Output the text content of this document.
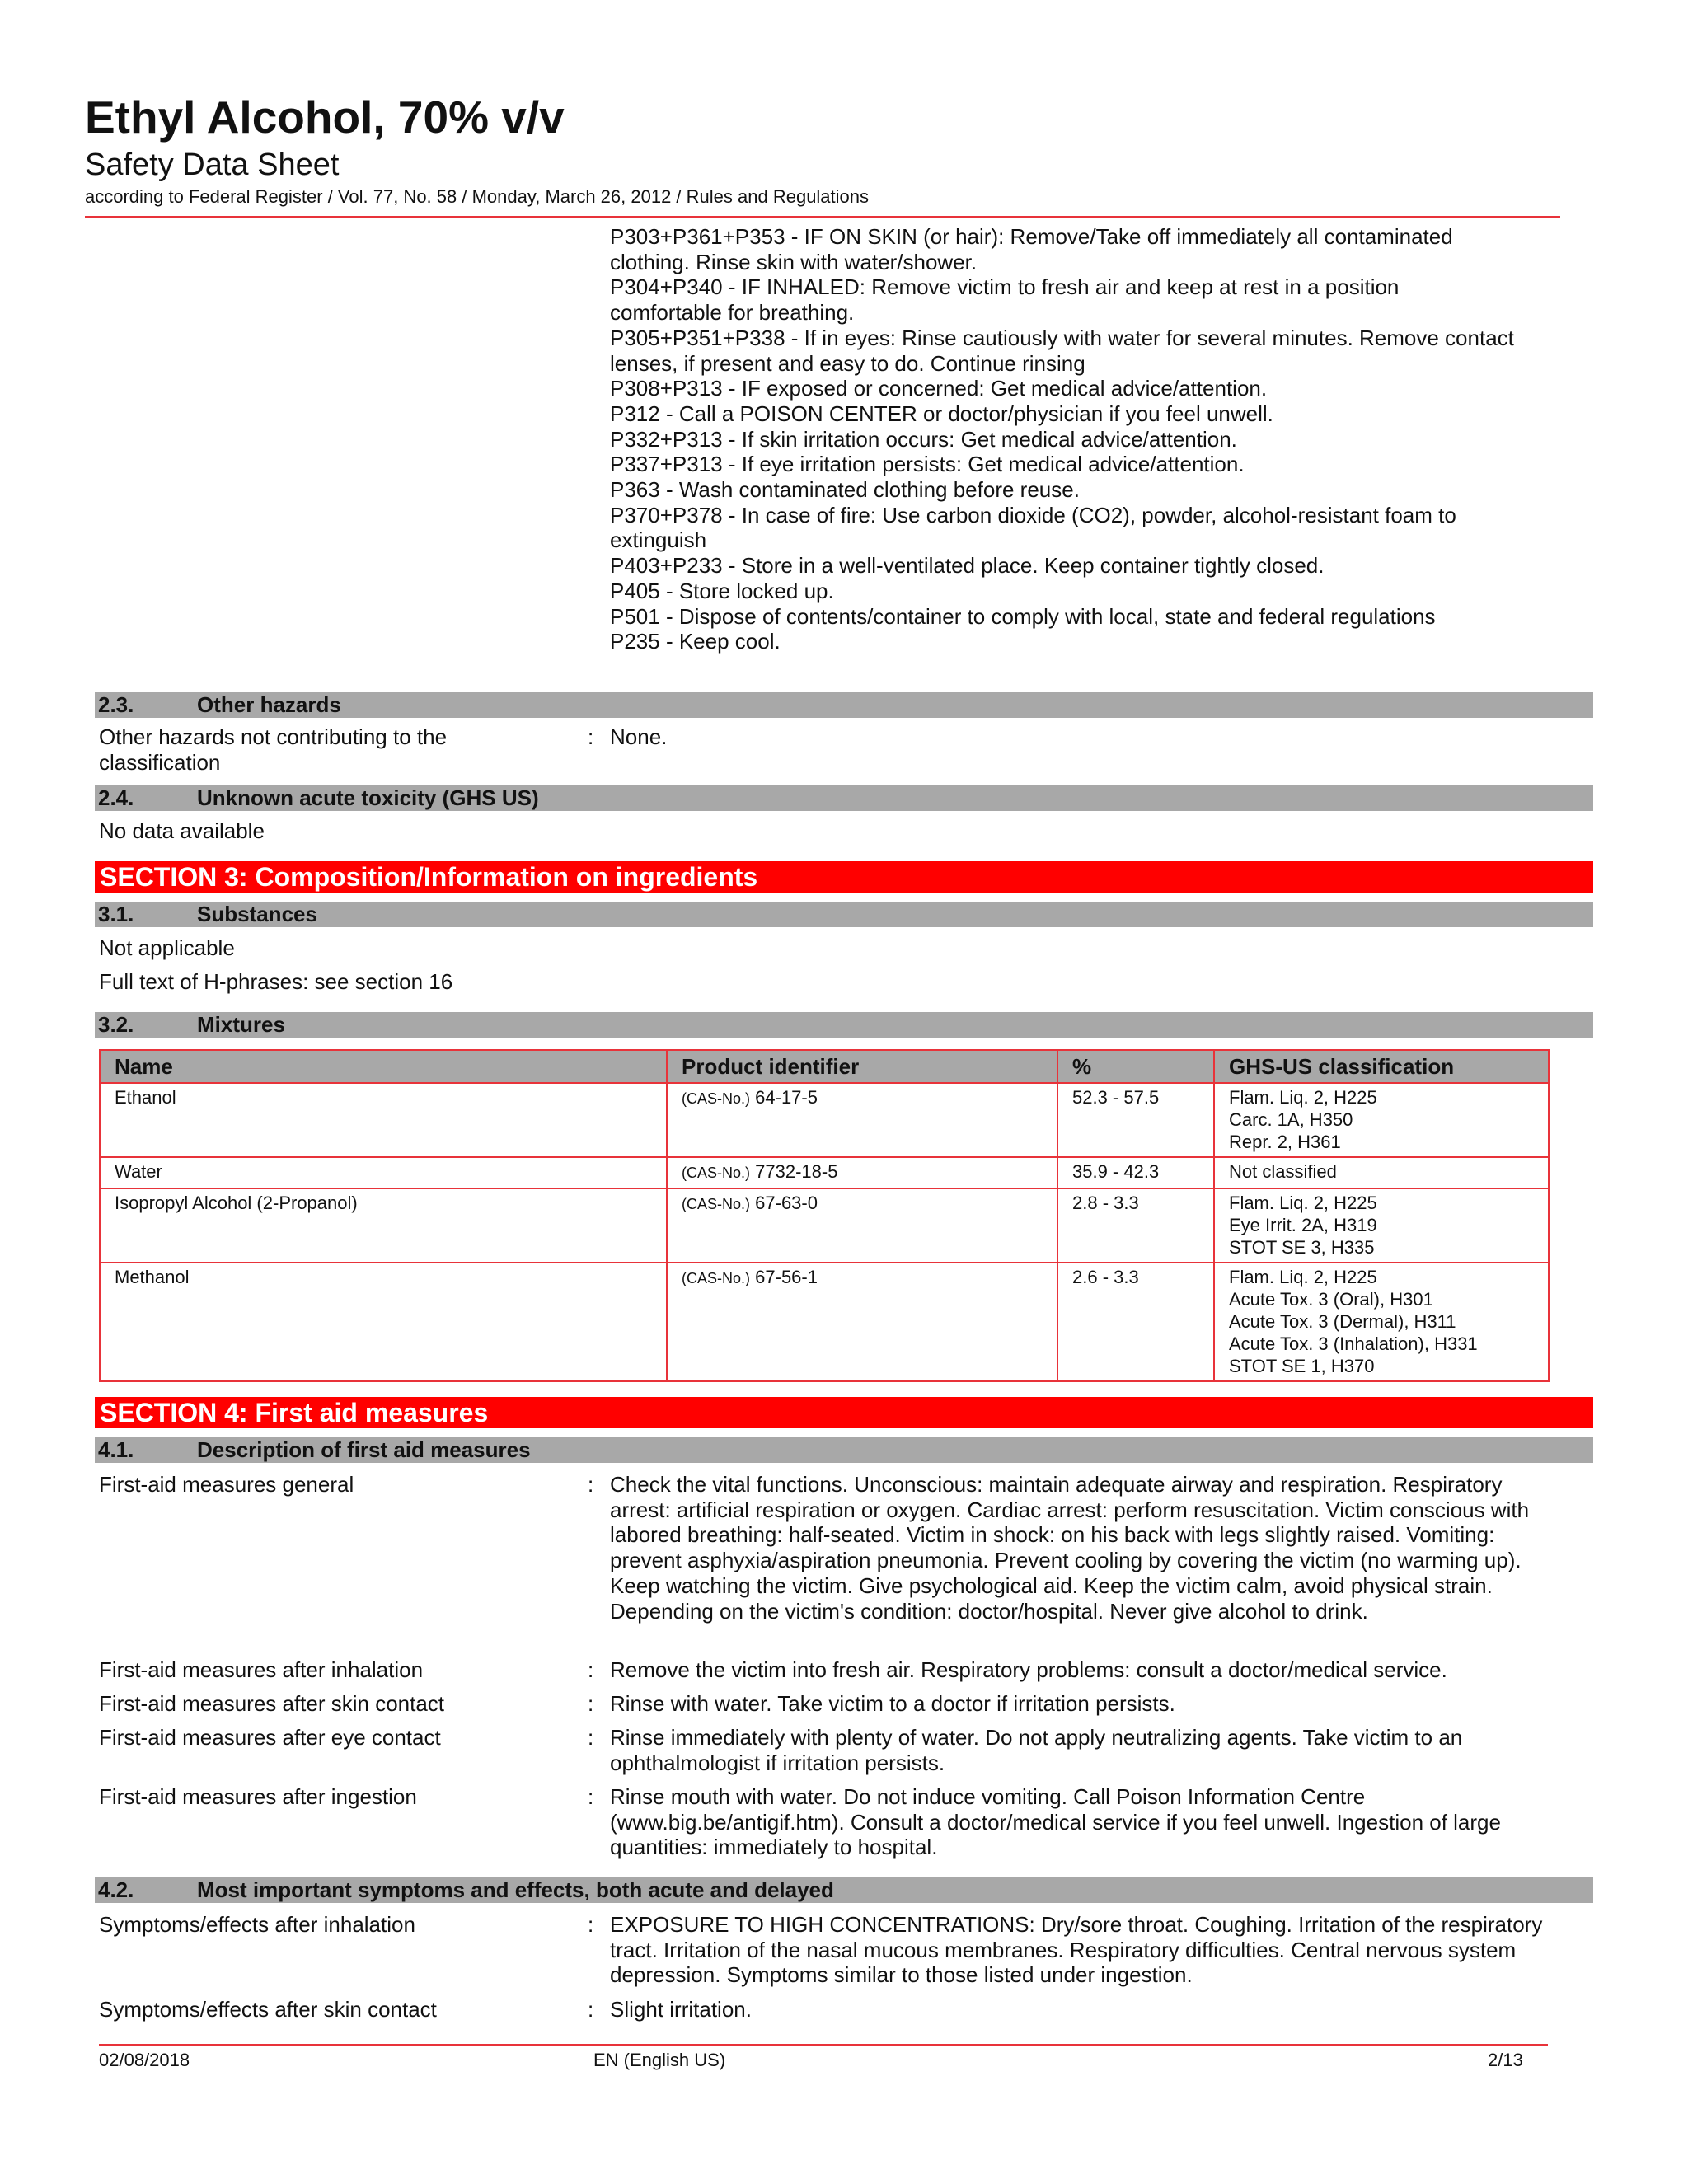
Ethyl Alcohol, 70% v/v
Safety Data Sheet
according to Federal Register / Vol. 77, No. 58 / Monday, March 26, 2012 / Rules and Regulations
P303+P361+P353 - IF ON SKIN (or hair): Remove/Take off immediately all contaminated
clothing. Rinse skin with water/shower.
P304+P340 - IF INHALED: Remove victim to fresh air and keep at rest in a position
comfortable for breathing.
P305+P351+P338 - If in eyes: Rinse cautiously with water for several minutes. Remove contact
lenses, if present and easy to do. Continue rinsing
P308+P313 - IF exposed or concerned: Get medical advice/attention.
P312 - Call a POISON CENTER or doctor/physician if you feel unwell.
P332+P313 - If skin irritation occurs: Get medical advice/attention.
P337+P313 - If eye irritation persists: Get medical advice/attention.
P363 - Wash contaminated clothing before reuse.
P370+P378 - In case of fire: Use carbon dioxide (CO2), powder, alcohol-resistant foam to
extinguish
P403+P233 - Store in a well-ventilated place. Keep container tightly closed.
P405 - Store locked up.
P501 - Dispose of contents/container to comply with local, state and federal regulations
P235 - Keep cool.
2.3.	Other hazards
Other hazards not contributing to the classification
: None.
2.4.	Unknown acute toxicity (GHS US)
No data available
SECTION 3: Composition/Information on ingredients
3.1.	Substances
Not applicable
Full text of H-phrases: see section 16
3.2.	Mixtures
Name	Product identifier	%	GHS-US classification
Ethanol	(CAS-No.) 64-17-5	52.3 - 57.5	Flam. Liq. 2, H225
Carc. 1A, H350
Repr. 2, H361

Water	(CAS-No.) 7732-18-5	35.9 - 42.3	Not classified

Isopropyl Alcohol (2-Propanol)	(CAS-No.) 67-63-0	2.8 - 3.3	Flam. Liq. 2, H225
Eye Irrit. 2A, H319
STOT SE 3, H335

Methanol	(CAS-No.) 67-56-1	2.6 - 3.3	Flam. Liq. 2, H225
Acute Tox. 3 (Oral), H301
Acute Tox. 3 (Dermal), H311
Acute Tox. 3 (Inhalation), H331
STOT SE 1, H370
SECTION 4: First aid measures
4.1.	Description of first aid measures
First-aid measures general	: Check the vital functions. Unconscious: maintain adequate airway and respiration. Respiratory arrest: artificial respiration or oxygen. Cardiac arrest: perform resuscitation. Victim conscious with labored breathing: half-seated. Victim in shock: on his back with legs slightly raised. Vomiting: prevent asphyxia/aspiration pneumonia. Prevent cooling by covering the victim (no warming up). Keep watching the victim. Give psychological aid. Keep the victim calm, avoid physical strain. Depending on the victim's condition: doctor/hospital. Never give alcohol to drink.
First-aid measures after inhalation	: Remove the victim into fresh air. Respiratory problems: consult a doctor/medical service.
First-aid measures after skin contact	: Rinse with water. Take victim to a doctor if irritation persists.
First-aid measures after eye contact	: Rinse immediately with plenty of water. Do not apply neutralizing agents. Take victim to an ophthalmologist if irritation persists.
First-aid measures after ingestion	: Rinse mouth with water. Do not induce vomiting. Call Poison Information Centre (www.big.be/antigif.htm). Consult a doctor/medical service if you feel unwell. Ingestion of large quantities: immediately to hospital.
4.2.	Most important symptoms and effects, both acute and delayed
Symptoms/effects after inhalation	: EXPOSURE TO HIGH CONCENTRATIONS: Dry/sore throat. Coughing. Irritation of the respiratory tract. Irritation of the nasal mucous membranes. Respiratory difficulties. Central nervous system depression. Symptoms similar to those listed under ingestion.
Symptoms/effects after skin contact	: Slight irritation.
02/08/2018	EN (English US)	2/13
